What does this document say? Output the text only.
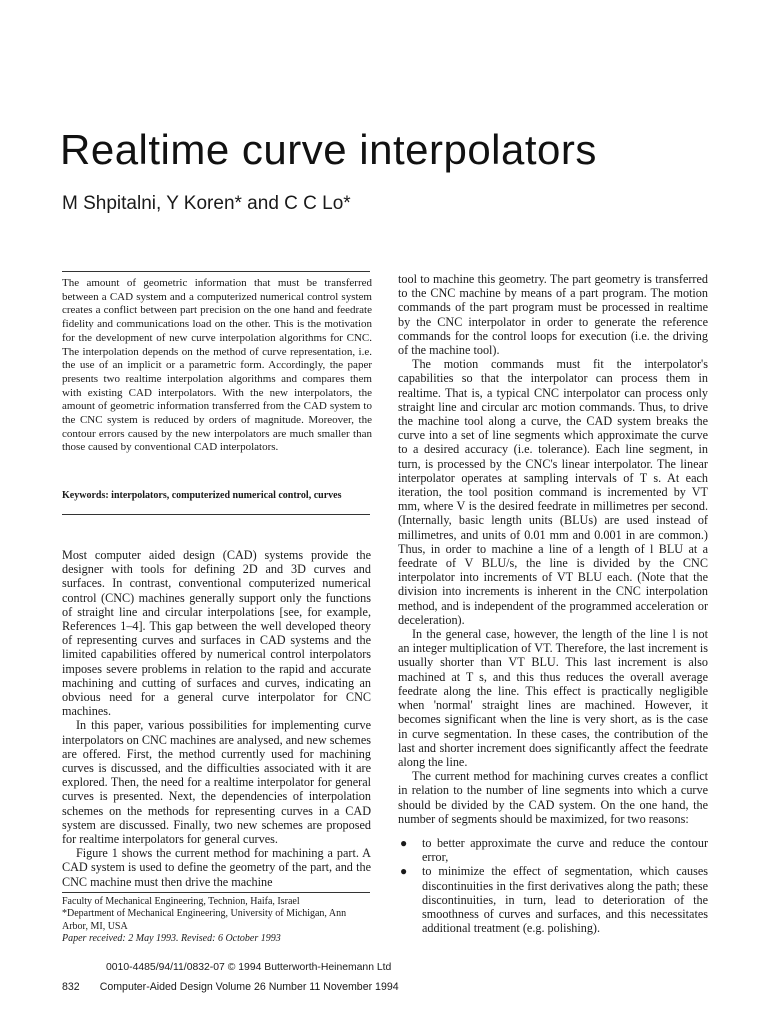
Realtime curve interpolators
M Shpitalni, Y Koren* and C C Lo*
The amount of geometric information that must be transferred between a CAD system and a computerized numerical control system creates a conflict between part precision on the one hand and feedrate fidelity and communications load on the other. This is the motivation for the development of new curve interpolation algorithms for CNC. The interpolation depends on the method of curve representation, i.e. the use of an implicit or a parametric form. Accordingly, the paper presents two realtime interpolation algorithms and compares them with existing CAD interpolators. With the new interpolators, the amount of geometric information transferred from the CAD system to the CNC system is reduced by orders of magnitude. Moreover, the contour errors caused by the new interpolators are much smaller than those caused by conventional CAD interpolators.
Keywords: interpolators, computerized numerical control, curves

Most computer aided design (CAD) systems provide the designer with tools for defining 2D and 3D curves and surfaces. In contrast, conventional computerized numerical control (CNC) machines generally support only the functions of straight line and circular interpolations [see, for example, References 1–4]. This gap between the well developed theory of representing curves and surfaces in CAD systems and the limited capabilities offered by numerical control interpolators imposes severe problems in relation to the rapid and accurate machining and cutting of surfaces and curves, indicating an obvious need for a general curve interpolator for CNC machines.

In this paper, various possibilities for implementing curve interpolators on CNC machines are analysed, and new schemes are offered. First, the method currently used for machining curves is discussed, and the difficulties associated with it are explored. Then, the need for a realtime interpolator for general curves is presented. Next, the dependencies of interpolation schemes on the methods for representing curves in a CAD system are discussed. Finally, two new schemes are proposed for realtime interpolators for general curves.

Figure 1 shows the current method for machining a part. A CAD system is used to define the geometry of the part, and the CNC machine must then drive the machine

tool to machine this geometry. The part geometry is transferred to the CNC machine by means of a part program. The motion commands of the part program must be processed in realtime by the CNC interpolator in order to generate the reference commands for the control loops for execution (i.e. the driving of the machine tool).

The motion commands must fit the interpolator's capabilities so that the interpolator can process them in realtime. That is, a typical CNC interpolator can process only straight line and circular arc motion commands. Thus, to drive the machine tool along a curve, the CAD system breaks the curve into a set of line segments which approximate the curve to a desired accuracy (i.e. tolerance). Each line segment, in turn, is processed by the CNC's linear interpolator. The linear interpolator operates at sampling intervals of T s. At each iteration, the tool position command is incremented by VT mm, where V is the desired feedrate in millimetres per second. (Internally, basic length units (BLUs) are used instead of millimetres, and units of 0.01 mm and 0.001 in are common.) Thus, in order to machine a line of a length of l BLU at a feedrate of V BLU/s, the line is divided by the CNC interpolator into increments of VT BLU each. (Note that the division into increments is inherent in the CNC interpolation method, and is independent of the programmed acceleration or deceleration).

In the general case, however, the length of the line l is not an integer multiplication of VT. Therefore, the last increment is usually shorter than VT BLU. This last increment is also machined at T s, and this thus reduces the overall average feedrate along the line. This effect is practically negligible when 'normal' straight lines are machined. However, it becomes significant when the line is very short, as is the case in curve segmentation. In these cases, the contribution of the last and shorter increment does significantly affect the feedrate along the line.

The current method for machining curves creates a conflict in relation to the number of line segments into which a curve should be divided by the CAD system. On the one hand, the number of segments should be maximized, for two reasons:

● to better approximate the curve and reduce the contour error,
● to minimize the effect of segmentation, which causes discontinuities in the first derivatives along the path; these discontinuities, in turn, lead to deterioration of the smoothness of curves and surfaces, and this necessitates additional treatment (e.g. polishing).

Faculty of Mechanical Engineering, Technion, Haifa, Israel

*Department of Mechanical Engineering, University of Michigan, Ann Arbor, MI, USA

Paper received: 2 May 1993. Revised: 6 October 1993

0010-4485/94/11/0832-07 © 1994 Butterworth-Heinemann Ltd
832 Computer-Aided Design Volume 26 Number 11 November 1994
